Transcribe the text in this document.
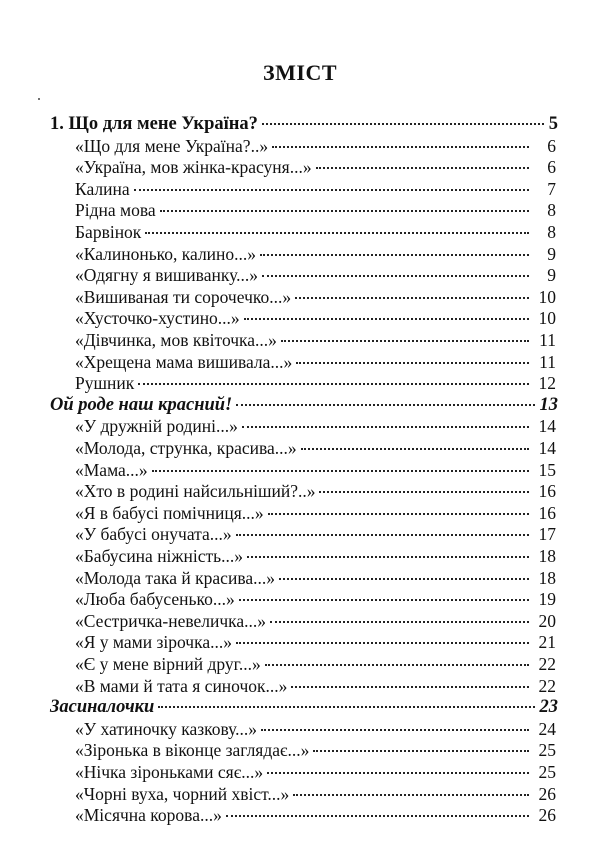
ЗМІСТ
1. Що для мене Україна?	5
«Що для мене Україна?..»	6
«Україна, мов жінка-красуня...»	6
Калина	7
Рідна мова	8
Барвінок	8
«Калинонько, калино...»	9
«Одягну я вишиванку...»	9
«Вишиваная ти сорочечко...»	10
«Хусточко-хустино...»	10
«Дівчинка, мов квіточка...»	11
«Хрещена мама вишивала...»	11
Рушник	12
Ой роде наш красний!	13
«У дружній родині...»	14
«Молода, струнка, красива...»	14
«Мама...»	15
«Хто в родині найсильніший?..»	16
«Я в бабусі помічниця...»	16
«У бабусі онучата...»	17
«Бабусина ніжність...»	18
«Молода така й красива...»	18
«Люба бабусенько...»	19
«Сестричка-невеличка...»	20
«Я у мами зірочка...»	21
«Є у мене вірний друг...»	22
«В мами й тата я синочок...»	22
Засиналочки	23
«У хатиночку казкову...»	24
«Зіронька в віконце заглядає...»	25
«Нічка зіроньками сяє...»	25
«Чорні вуха, чорний хвіст...»	26
«Місячна корова...»	26
